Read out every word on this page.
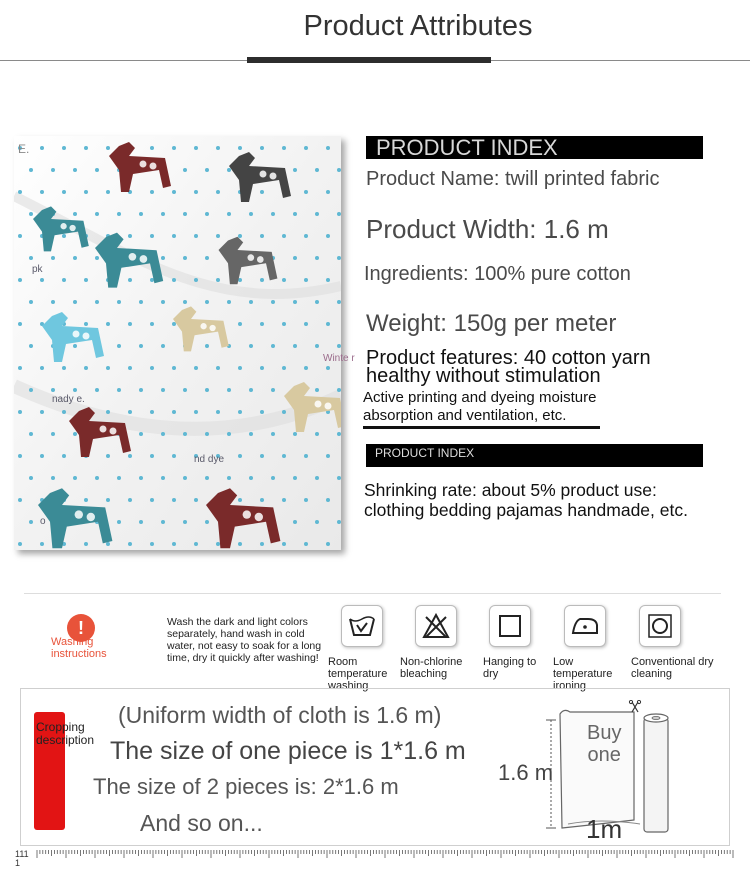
Product Attributes
E.
pk
nady e.
nd dye
o
Winte r
PRODUCT INDEX
Product Name: twill printed fabric
Product Width: 1.6 m
Ingredients: 100% pure cotton
Weight: 150g per meter
Product features: 40 cotton yarn
healthy without stimulation
Active printing and dyeing moisture
absorption and ventilation, etc.
PRODUCT INDEX
Shrinking rate: about 5% product use:
clothing bedding pajamas handmade, etc.
!
Washing instructions
Wash the dark and light colors separately, hand wash in cold water, not easy to soak for a long time, dry it quickly after washing! Room temperature washing
Non-chlorine bleaching
Hanging to dry
Low temperature ironing
Conventional dry cleaning
Cropping description
(Uniform width of cloth is 1.6 m)
The size of one piece is 1*1.6 m
The size of 2 pieces is: 2*1.6 m
And so on...
1.6 m
Buy
one
1m
111
1
